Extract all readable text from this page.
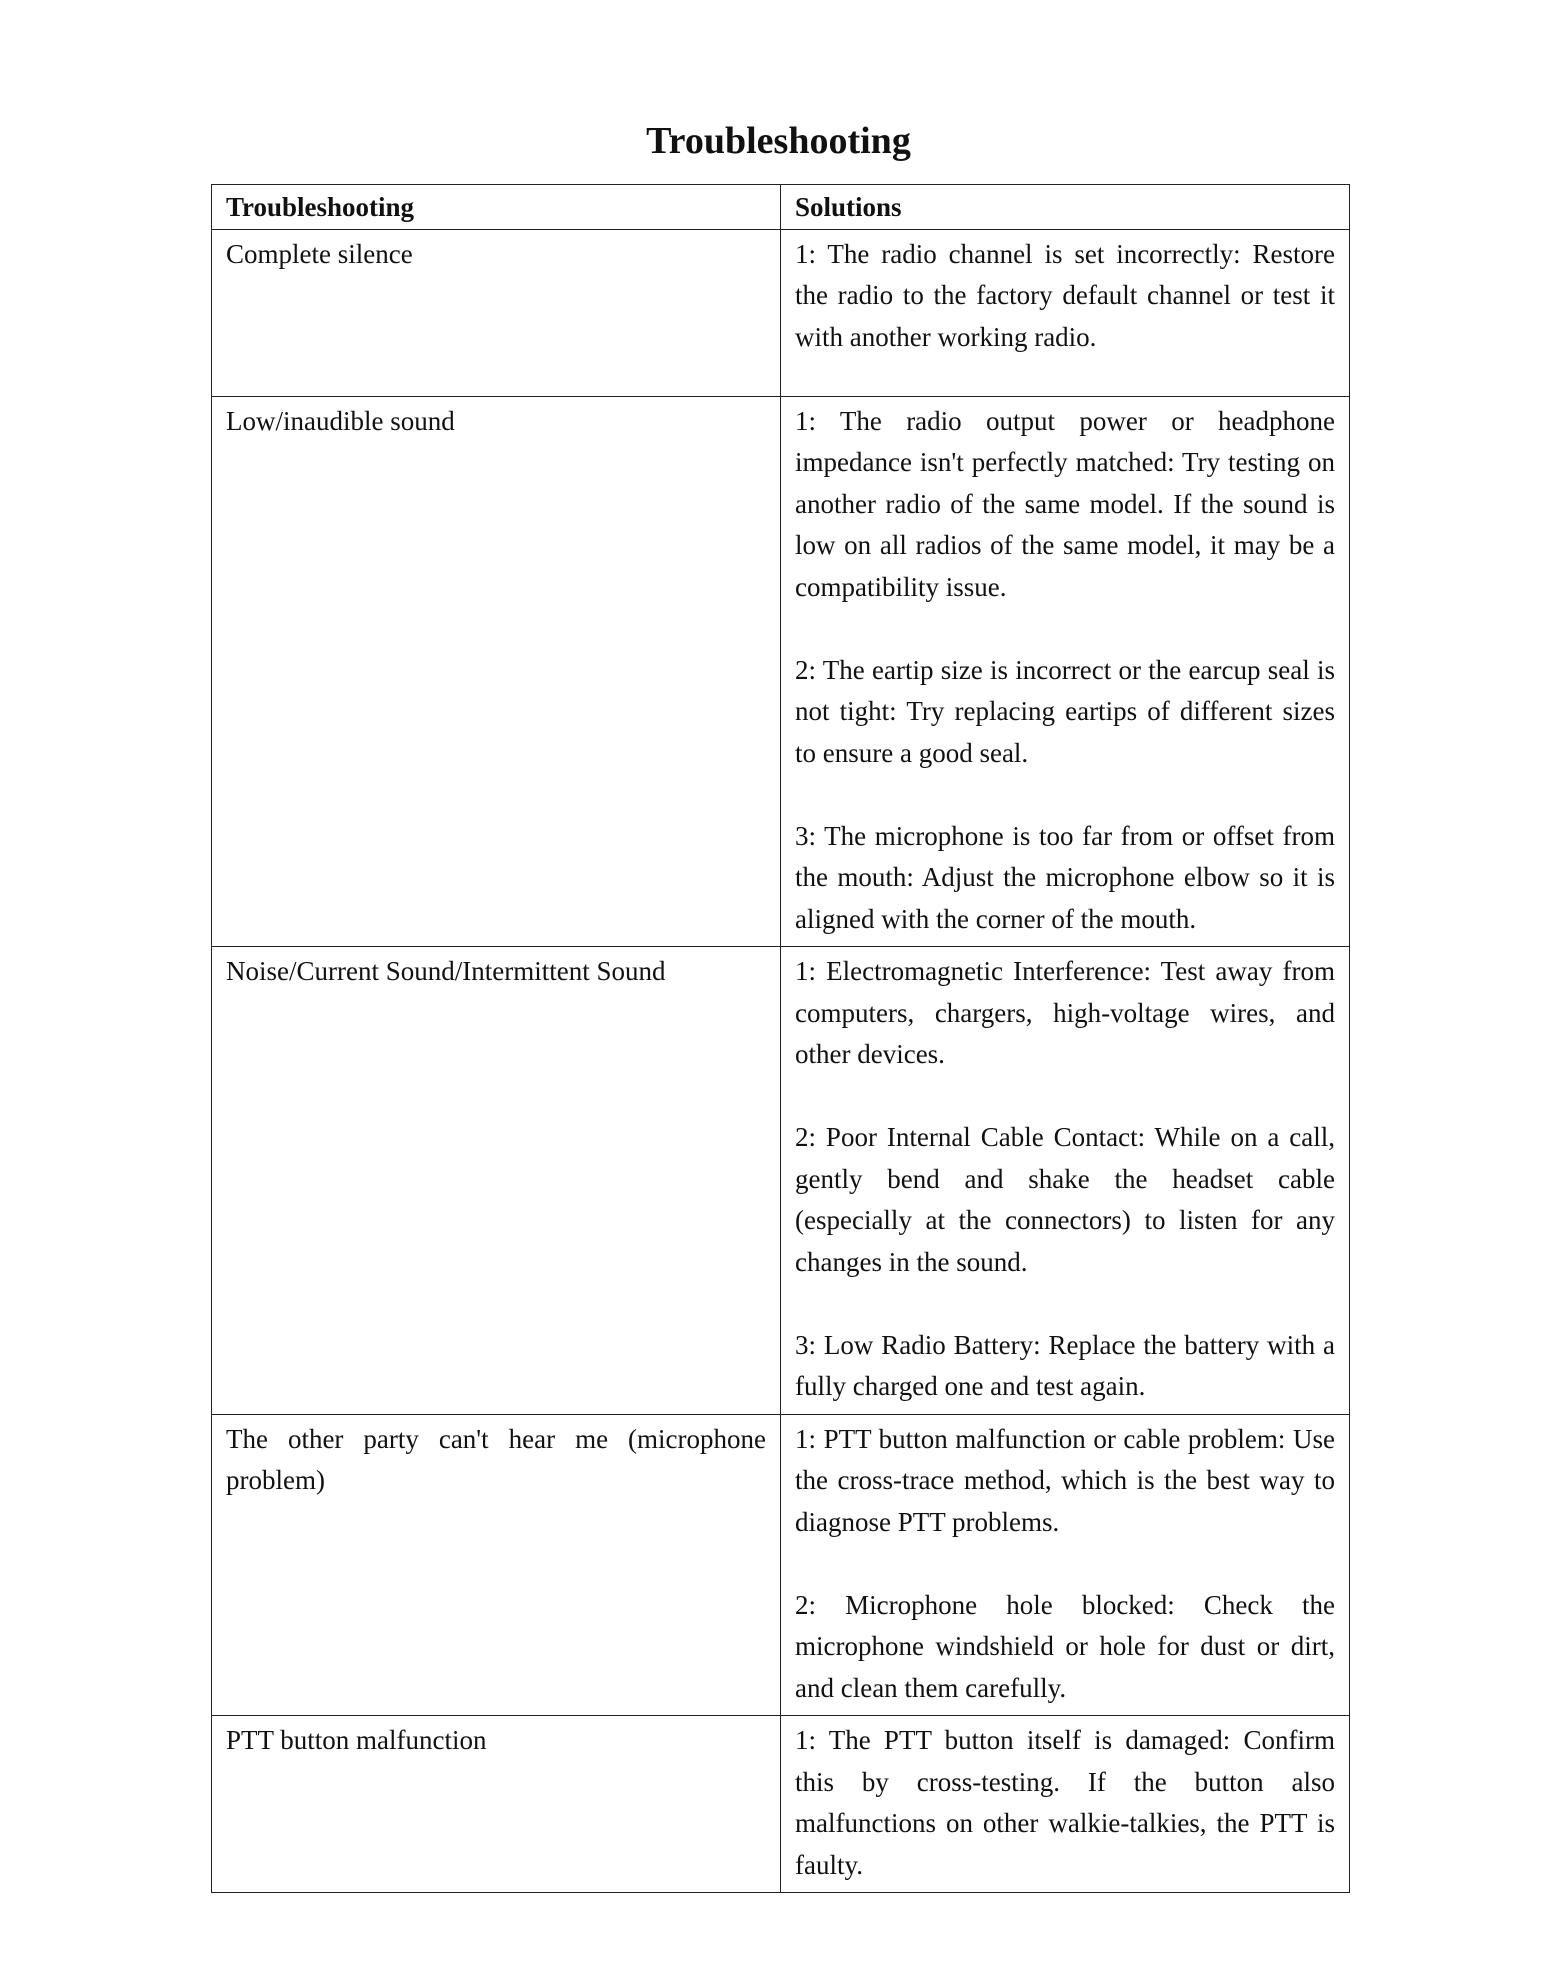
Troubleshooting
Troubleshooting	Solutions
Complete silence	1: The radio channel is set incorrectly: Restore the radio to the factory default channel or test it with another working radio.

Low/inaudible sound	1: The radio output power or headphone impedance isn't perfectly matched: Try testing on another radio of the same model. If the sound is low on all radios of the same model, it may be a compatibility issue.

2: The eartip size is incorrect or the earcup seal is not tight: Try replacing eartips of different sizes to ensure a good seal.

3: The microphone is too far from or offset from the mouth: Adjust the microphone elbow so it is aligned with the corner of the mouth.

Noise/Current Sound/Intermittent Sound	1: Electromagnetic Interference: Test away from computers, chargers, high-voltage wires, and other devices.

2: Poor Internal Cable Contact: While on a call, gently bend and shake the headset cable (especially at the connectors) to listen for any changes in the sound.

3: Low Radio Battery: Replace the battery with a fully charged one and test again.

The other party can't hear me (microphone problem)	1: PTT button malfunction or cable problem: Use the cross-trace method, which is the best way to diagnose PTT problems.

2: Microphone hole blocked: Check the microphone windshield or hole for dust or dirt, and clean them carefully.

PTT button malfunction	1: The PTT button itself is damaged: Confirm this by cross-testing. If the button also malfunctions on other walkie-talkies, the PTT is faulty.
